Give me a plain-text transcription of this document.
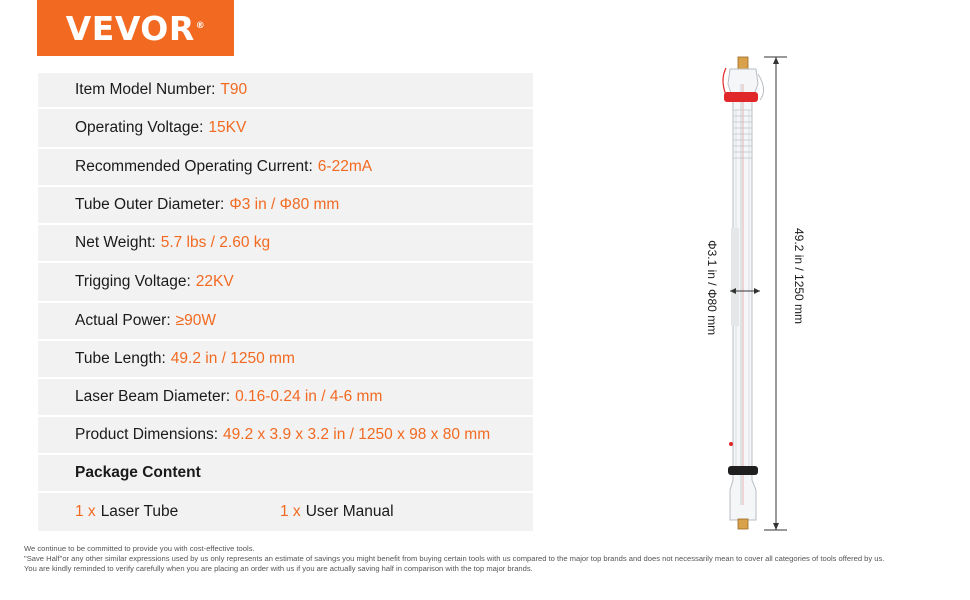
VEVOR®
Item Model Number: T90
Operating Voltage: 15KV
Recommended Operating Current: 6-22mA
Tube Outer Diameter: Φ3 in / Φ80 mm
Net Weight: 5.7 lbs / 2.60 kg
Trigging Voltage: 22KV
Actual Power: ≥90W
Tube Length: 49.2 in / 1250 mm
Laser Beam Diameter: 0.16-0.24 in / 4-6 mm
Product Dimensions: 49.2 x 3.9 x 3.2 in / 1250 x 98 x 80 mm
Package Content
1 x Laser Tube	1 x User Manual
49.2 in / 1250 mm
Φ3.1 in / Φ80 mm
We continue to be committed to provide you with cost-effective tools.
"Save Half"or any other similar expressions used by us only represents an estimate of savings you might benefit from buying certain tools with us compared to the major top brands and does not necessarily mean to cover all categories of tools offered by us.
You are kindly reminded to verify carefully when you are placing an order with us if you are actually saving half in comparison with the top major brands.
